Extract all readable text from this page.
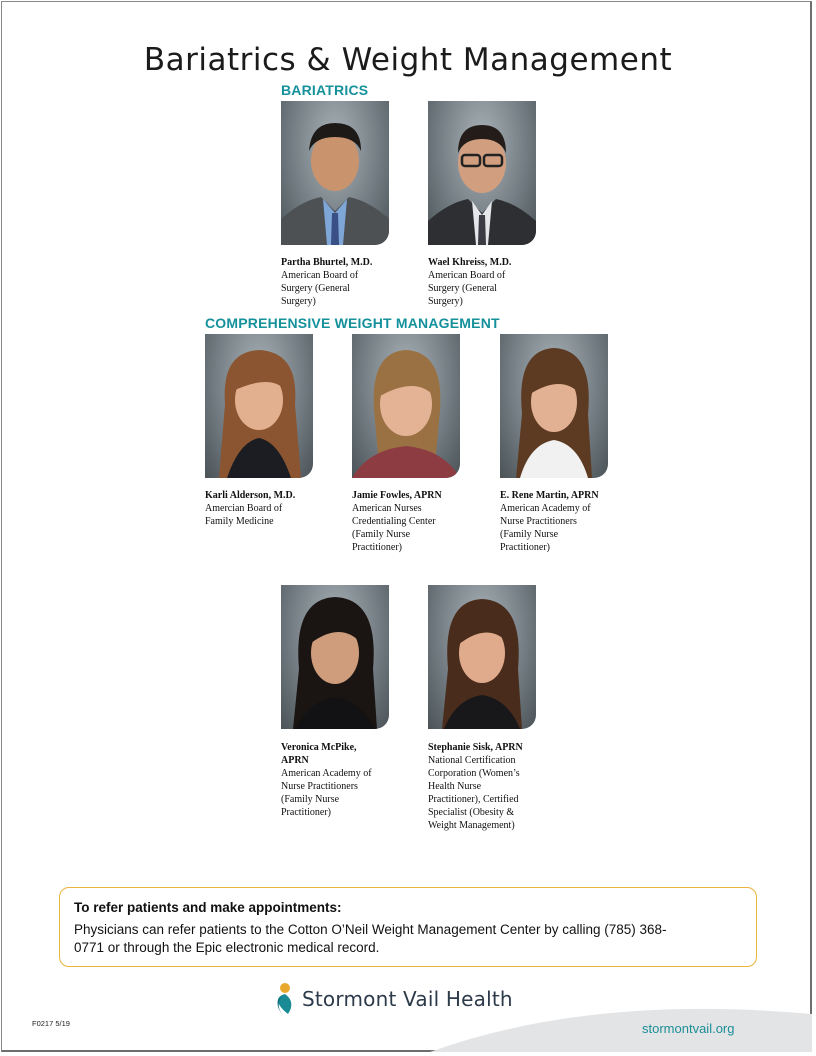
Bariatrics & Weight Management
BARIATRICS
COMPREHENSIVE WEIGHT MANAGEMENT
Partha Bhurtel, M.D.
American Board of
Surgery (General
Surgery)
Wael Khreiss, M.D.
American Board of
Surgery (General
Surgery)
Karli Alderson, M.D.
Amercian Board of
Family Medicine
Jamie Fowles, APRN
American Nurses
Credentialing Center
(Family Nurse
Practitioner)
E. Rene Martin, APRN
American Academy of
Nurse Practitioners
(Family Nurse
Practitioner)
Veronica McPike,
APRN
American Academy of
Nurse Practitioners
(Family Nurse
Practitioner)
Stephanie Sisk, APRN
National Certification
Corporation (Women’s
Health Nurse
Practitioner), Certified
Specialist (Obesity &
Weight Management)
To refer patients and make appointments:
Physicians can refer patients to the Cotton O’Neil Weight Management Center by calling (785) 368-0771 or through the Epic electronic medical record.
Stormont Vail Health
stormontvail.org
F0217 5/19
